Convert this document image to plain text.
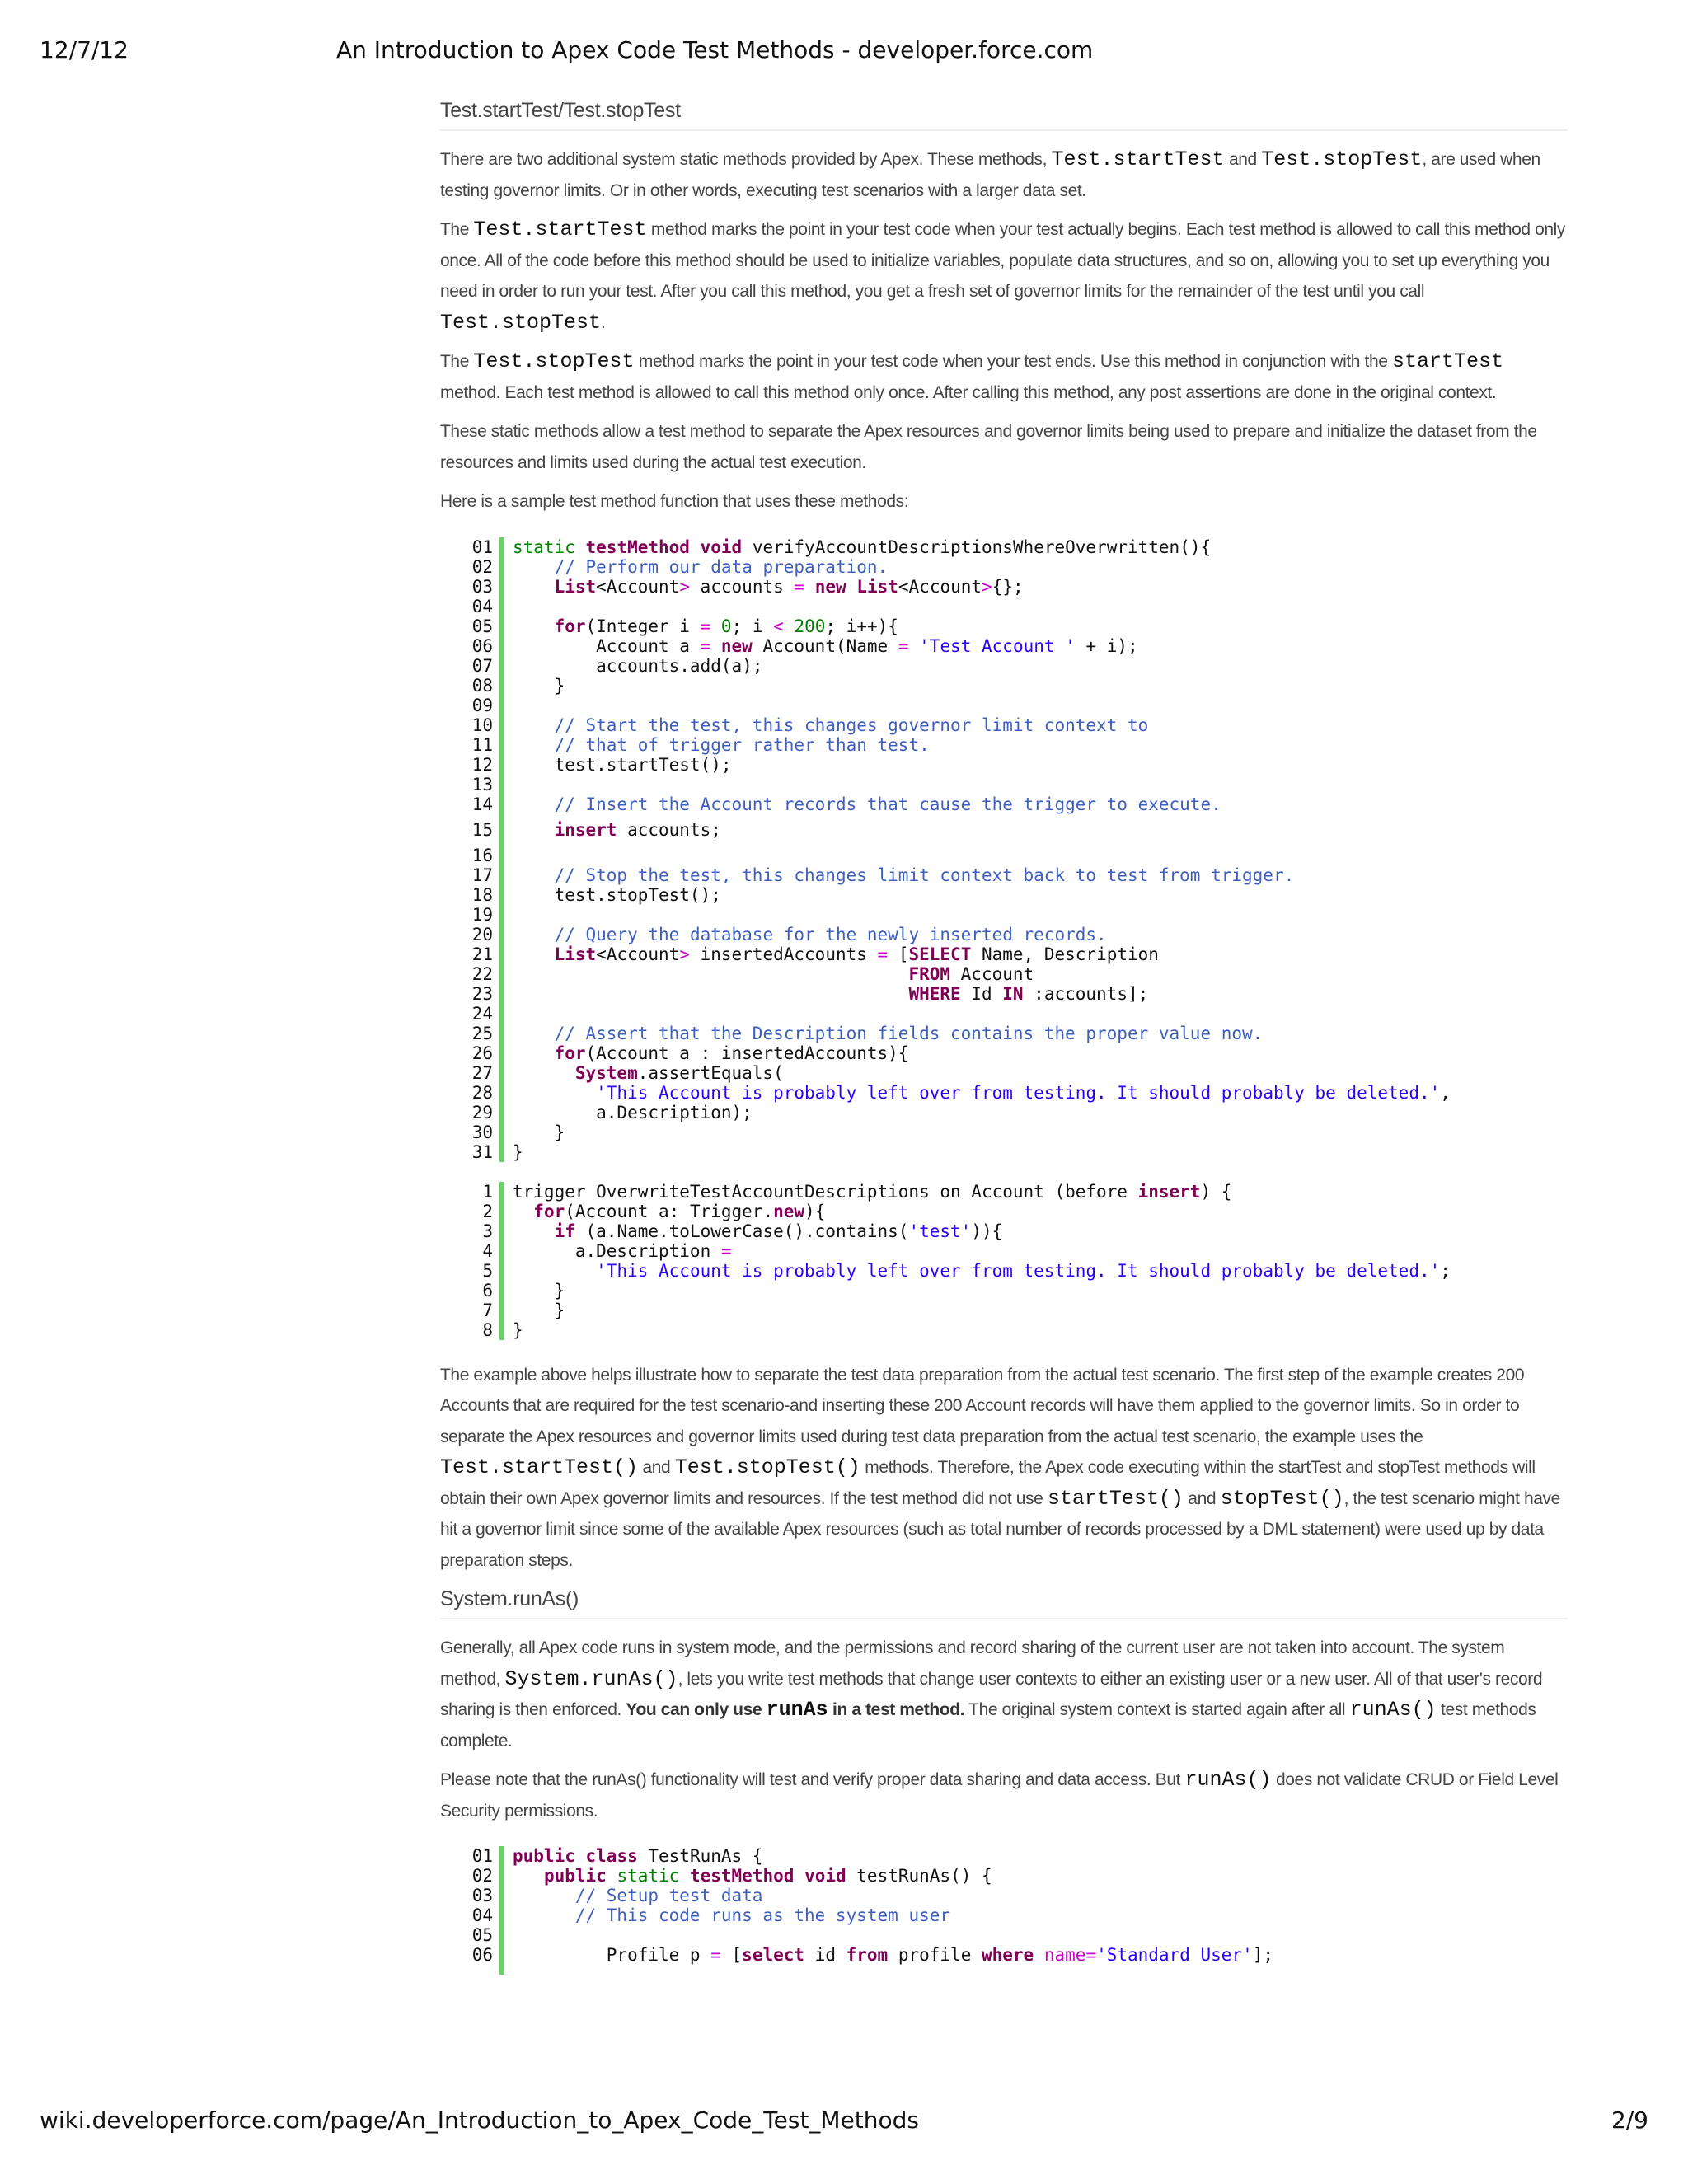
12/7/12	An Introduction to Apex Code Test Methods - developer.force.com
Test.startTest/Test.stopTest

There are two additional system static methods provided by Apex. These methods, Test.startTest and Test.stopTest, are used when testing governor limits. Or in other words, executing test scenarios with a larger data set.

The Test.startTest method marks the point in your test code when your test actually begins. Each test method is allowed to call this method only once. All of the code before this method should be used to initialize variables, populate data structures, and so on, allowing you to set up everything you need in order to run your test. After you call this method, you get a fresh set of governor limits for the remainder of the test until you call Test.stopTest.

The Test.stopTest method marks the point in your test code when your test ends. Use this method in conjunction with the startTest method. Each test method is allowed to call this method only once. After calling this method, any post assertions are done in the original context.

These static methods allow a test method to separate the Apex resources and governor limits being used to prepare and initialize the dataset from the resources and limits used during the actual test execution.

Here is a sample test method function that uses these methods:

01 static testMethod void verifyAccountDescriptionsWhereOverwritten(){
02	// Perform our data preparation.
03	List<Account> accounts = new List<Account>{};
04

05	for(Integer i = 0; i < 200; i++){
06 Account a = new Account(Name = 'Test Account ' + i);
07 accounts.add(a);
08 }
09

10	// Start the test, this changes governor limit context to
11	// that of trigger rather than test.
12 test.startTest();
13

14	// Insert the Account records that cause the trigger to execute.
15	insert accounts;
16

17	// Stop the test, this changes limit context back to test from trigger.
18 test.stopTest();
19

20	// Query the database for the newly inserted records.
21	List<Account> insertedAccounts = [SELECT Name, Description
22	FROM Account
23	WHERE Id IN :accounts];
24

25	// Assert that the Description fields contains the proper value now.
26	for(Account a : insertedAccounts){
27	System.assertEquals(
28	'This Account is probably left over from testing. It should probably be deleted.',
29 a.Description);
30 }
31 }
1 trigger OverwriteTestAccountDescriptions on Account (before insert) {
2	for(Account a: Trigger.new){
3	if (a.Name.toLowerCase().contains('test')){
4 a.Description =
5	'This Account is probably left over from testing. It should probably be deleted.';
6 }
7 }
8 }

The example above helps illustrate how to separate the test data preparation from the actual test scenario. The first step of the example creates 200 Accounts that are required for the test scenario-and inserting these 200 Account records will have them applied to the governor limits. So in order to separate the Apex resources and governor limits used during test data preparation from the actual test scenario, the example uses the Test.startTest() and Test.stopTest() methods. Therefore, the Apex code executing within the startTest and stopTest methods will obtain their own Apex governor limits and resources. If the test method did not use startTest() and stopTest(), the test scenario might have hit a governor limit since some of the available Apex resources (such as total number of records processed by a DML statement) were used up by data preparation steps.

System.runAs()

Generally, all Apex code runs in system mode, and the permissions and record sharing of the current user are not taken into account. The system method, System.runAs(), lets you write test methods that change user contexts to either an existing user or a new user. All of that user's record sharing is then enforced. You can only use runAs in a test method. The original system context is started again after all runAs() test methods complete.

Please note that the runAs() functionality will test and verify proper data sharing and data access. But runAs() does not validate CRUD or Field Level Security permissions.

01 public class TestRunAs {
02	public static testMethod void testRunAs() {
03	// Setup test data
04	// This code runs as the system user
05

06 Profile p = [select id from profile where name='Standard User'];
wiki.developerforce.com/page/An_Introduction_to_Apex_Code_Test_Methods	2/9
